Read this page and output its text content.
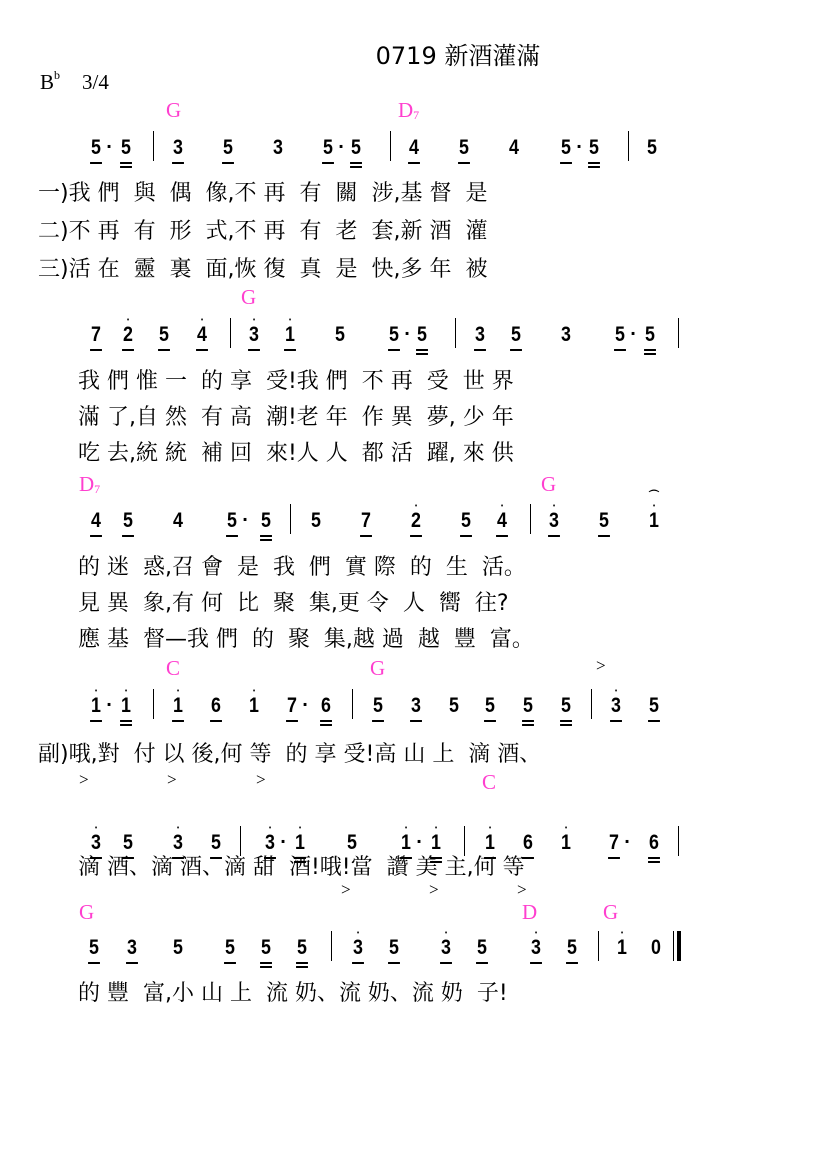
0719 新酒灌滿
$B^b$ 3/4
G	$D_7$
G
$D_7$	G
C	G
C
G	D	G
>
>	>	>
>	>	>
5 · 5 3 5 3 5 · 5 4 5 4 5 · 5 5
一)我 們  與  偶  像,不 再  有  關  涉,基 督  是
二)不 再  有  形  式,不 再  有  老  套,新 酒  灌
三)活 在  靈  裏  面,恢 復  真  是  快,多 年  被
7 2
•
5 4
•
3
•
1
•
5 5 · 5 3 5 3 5 · 5
我 們 惟 一  的 享  受!我 們  不 再  受  世 界
滿 了,自 然  有 高  潮!老 年  作 異  夢, 少 年
吃 去,統 統  補 回  來!人 人  都 活  躍, 來 供
4 5 4 5 · 5 5 7 2
•
5 4
•
3
•
5 1
•
⌒
的 迷  惑,召 會  是  我  們  實 際  的  生  活。
見 異  象,有 何  比  聚  集,更 令  人  嚮  往?
應 基  督—我 們  的  聚  集,越 過  越  豐  富。
1
•
· 1
•
1
•
6 1
•
7 · 6 5 3 5 5 5 5 3
•
5
副)哦,對  付 以 後,何 等  的 享 受!高 山 上  滴 酒、
3
•
5 3
•
5 3
•
· 1
•
5 1
•
· 1
•
1
•
6 1
•
7 · 6
滴 酒、滴 酒、滴 甜  酒!哦!當  讚 美 主,何 等
5 3 5 5 5 5 3
•
5 3
•
5 3
•
5 1
•
0
的 豐  富,小 山 上  流 奶、流 奶、流 奶  子!
